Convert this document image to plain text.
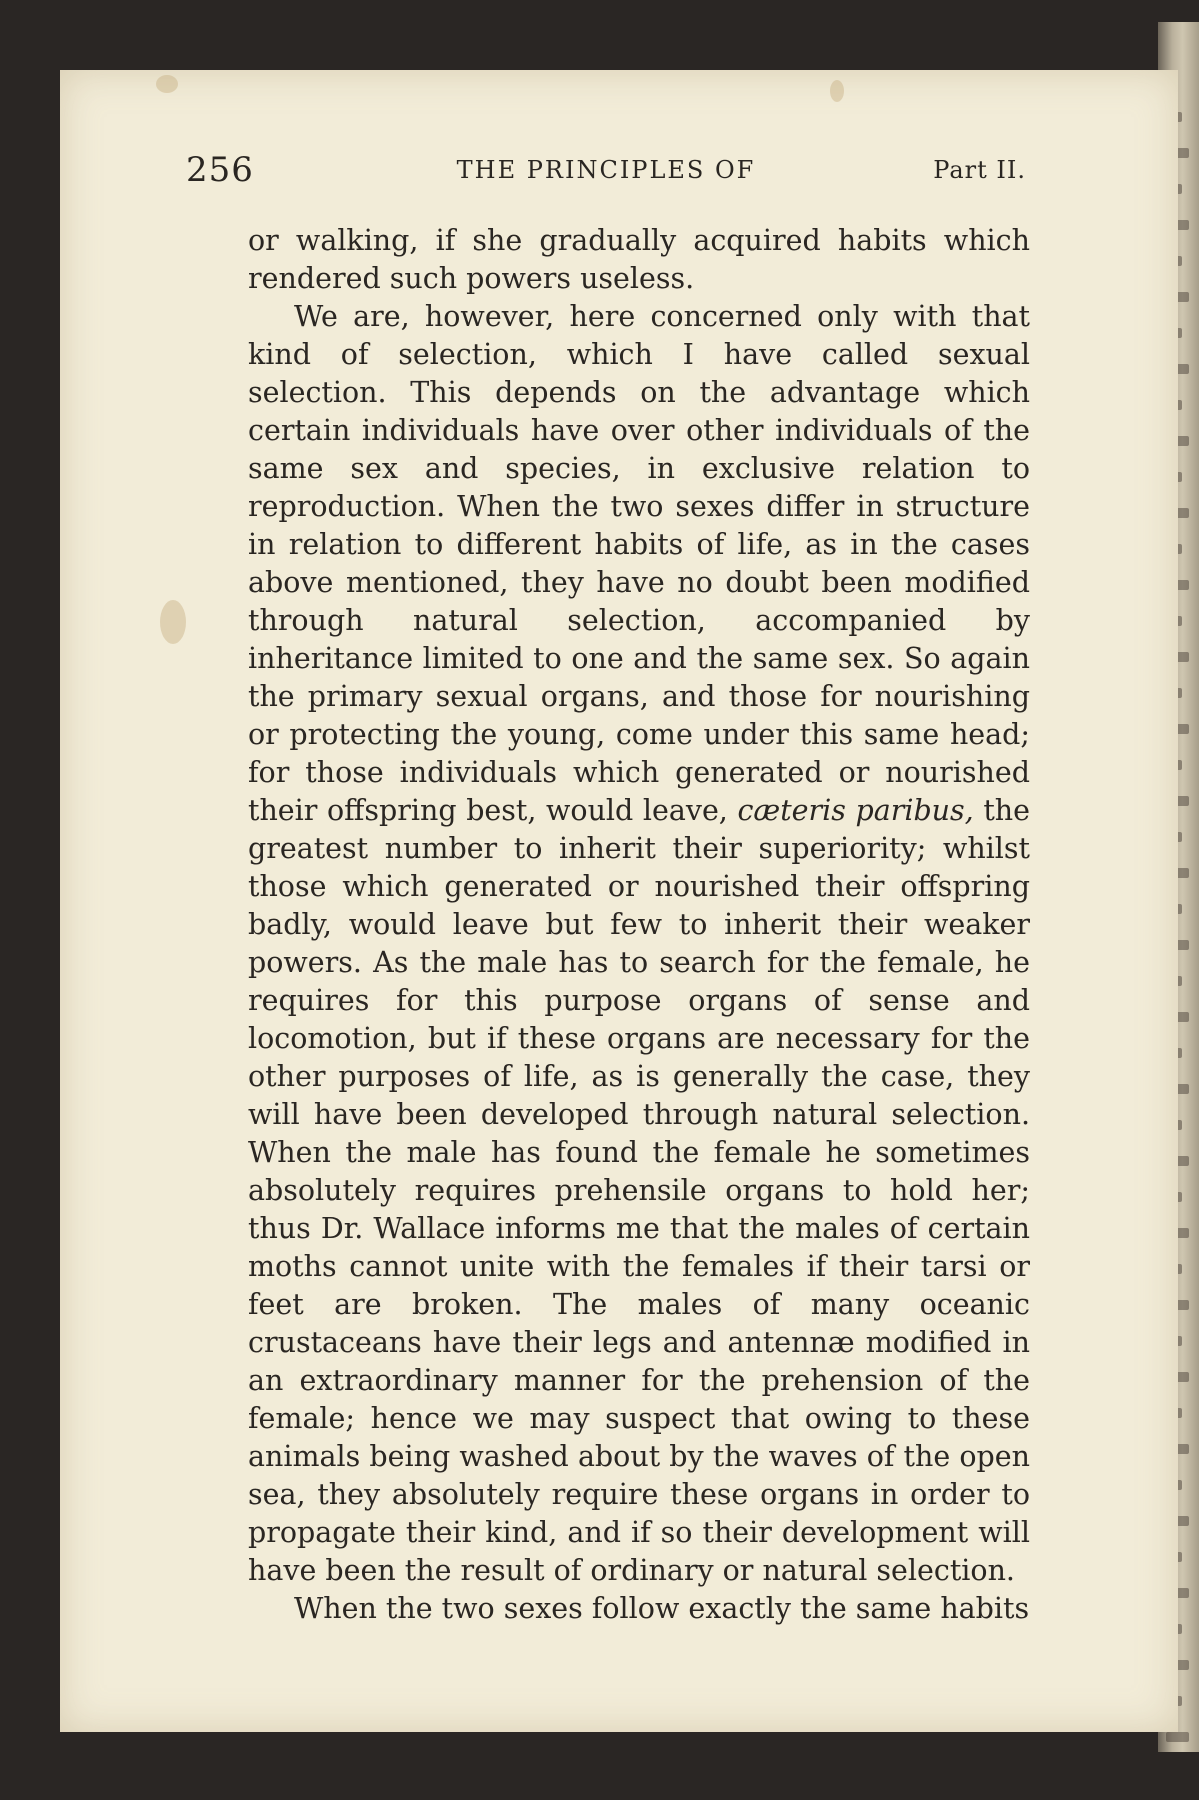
256	THE PRINCIPLES OF	Part II.

or walking, if she gradually acquired habits which rendered such powers useless.

We are, however, here concerned only with that kind of selection, which I have called sexual selection. This depends on the advantage which certain individuals have over other individuals of the same sex and species, in exclusive relation to reproduction. When the two sexes differ in structure in relation to different habits of life, as in the cases above mentioned, they have no doubt been modified through natural selection, accompanied by inheritance limited to one and the same sex. So again the primary sexual organs, and those for nourishing or protecting the young, come under this same head; for those individuals which generated or nourished their offspring best, would leave, cæteris paribus, the greatest number to inherit their superiority; whilst those which generated or nourished their offspring badly, would leave but few to inherit their weaker powers. As the male has to search for the female, he requires for this purpose organs of sense and locomotion, but if these organs are necessary for the other purposes of life, as is generally the case, they will have been developed through natural selection. When the male has found the female he sometimes absolutely requires prehensile organs to hold her; thus Dr. Wallace informs me that the males of certain moths cannot unite with the females if their tarsi or feet are broken. The males of many oceanic crustaceans have their legs and antennæ modified in an extraordinary manner for the prehension of the female; hence we may suspect that owing to these animals being washed about by the waves of the open sea, they absolutely require these organs in order to propagate their kind, and if so their development will have been the result of ordinary or natural selection.

When the two sexes follow exactly the same habits
